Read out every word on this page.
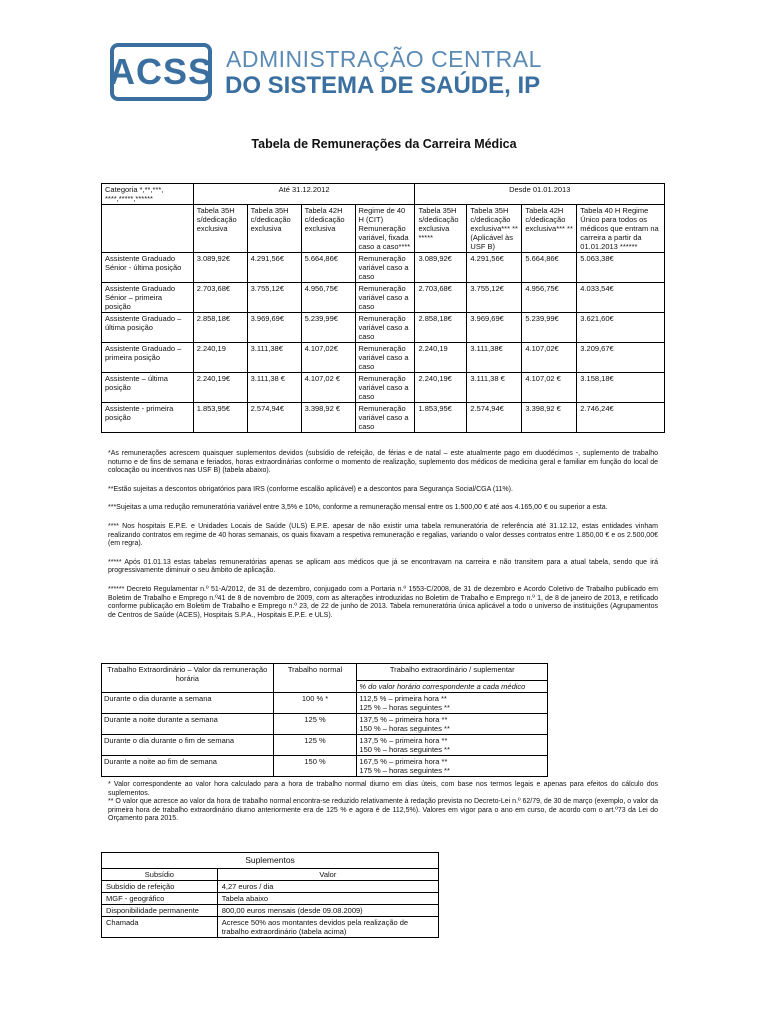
ACSS ADMINISTRAÇÃO CENTRAL
DO SISTEMA DE SAÚDE, IP
Tabela de Remunerações da Carreira Médica
Categoria *,**,***, ****,*****,******	Até 31.12.2012				Desde 01.01.2013			
	Tabela 35H s/dedicação exclusiva	Tabela 35H c/dedicação exclusiva	Tabela 42H c/dedicação exclusiva	Regime de 40 H (CIT) Remuneração variável, fixada caso a caso****	Tabela 35H s/dedicação exclusiva *****	Tabela 35H c/dedicação exclusiva*** ** (Aplicável às USF B)	Tabela 42H c/dedicação exclusiva*** **	Tabela 40 H Regime Único para todos os médicos que entram na carreira a partir da 01.01.2013 ******
Assistente Graduado Sénior - última posição	3.089,92€	4.291,56€	5.664,86€	Remuneração variável caso a caso	3.089,92€	4.291,56€	5.664,86€	5.063,38€
Assistente Graduado Sénior – primeira posição	2.703,68€	3.755,12€	4.956,75€	Remuneração variável caso a caso	2.703,68€	3.755,12€	4.956,75€	4.033,54€
Assistente Graduado – última posição	2.858,18€	3.969,69€	5.239,99€	Remuneração variável caso a caso	2.858,18€	3.969,69€	5.239,99€	3.621,60€
Assistente Graduado – primeira posição	2.240,19	3.111,38€	4.107,02€	Remuneração variável caso a caso	2.240,19	3.111,38€	4.107,02€	3.209,67€
Assistente – última posição	2.240,19€	3.111,38 €	4.107,02 €	Remuneração variável caso a caso	2.240,19€	3.111,38 €	4.107,02 €	3.158,18€
Assistente - primeira posição	1.853,95€	2.574,94€	3.398,92 €	Remuneração variável caso a caso	1.853,95€	2.574,94€	3.398,92 €	2.746,24€

*As remunerações acrescem quaisquer suplementos devidos (subsídio de refeição, de férias e de natal – este atualmente pago em duodécimos -, suplemento de trabalho noturno e de fins de semana e feriados, horas extraordinárias conforme o momento de realização, suplemento dos médicos de medicina geral e familiar em função do local de colocação ou incentivos nas USF B) (tabela abaixo).

**Estão sujeitas a descontos obrigatórios para IRS (conforme escalão aplicável) e a descontos para Segurança Social/CGA (11%).

***Sujeitas a uma redução remuneratória variável entre 3,5% e 10%, conforme a remuneração mensal entre os 1.500,00 € até aos 4.165,00 € ou superior a esta.

**** Nos hospitais E.P.E. e Unidades Locais de Saúde (ULS) E.P.E. apesar de não existir uma tabela remuneratória de referência até 31.12.12, estas entidades vinham realizando contratos em regime de 40 horas semanais, os quais fixavam a respetiva remuneração e regalias, variando o valor desses contratos entre 1.850,00 € e os 2.500,00€ (em regra).

***** Após 01.01.13 estas tabelas remuneratórias apenas se aplicam aos médicos que já se encontravam na carreira e não transitem para a atual tabela, sendo que irá progressivamente diminuir o seu âmbito de aplicação.

****** Decreto Regulamentar n.º 51-A/2012, de 31 de dezembro, conjugado com a Portaria n.º 1553-C/2008, de 31 de dezembro e Acordo Coletivo de Trabalho publicado em Boletim de Trabalho e Emprego n.º41 de 8 de novembro de 2009, com as alterações introduzidas no Boletim de Trabalho e Emprego n.º 1, de 8 de janeiro de 2013, e retificado conforme publicação em Boletim de Trabalho e Emprego n.º 23, de 22 de junho de 2013. Tabela remuneratória única aplicável a todo o universo de instituições (Agrupamentos de Centros de Saúde (ACES), Hospitais S.P.A., Hospitais E.P.E. e ULS).

Trabalho Extraordinário – Valor da remuneração horária	Trabalho normal	Trabalho extraordinário / suplementar
		% do valor horário correspondente a cada médico
Durante o dia durante a semana	100 % *	112,5 % – primeira hora **
125 % – horas seguintes **

Durante a noite durante a semana	125 %	137,5 % – primeira hora **
150 % – horas seguintes **

Durante o dia durante o fim de semana	125 %	137,5 % – primeira hora **
150 % – horas seguintes **

Durante a noite ao fim de semana	150 %	167,5 % – primeira hora **
175 % – horas seguintes **

* Valor correspondente ao valor hora calculado para a hora de trabalho normal diurno em dias úteis, com base nos termos legais e apenas para efeitos do cálculo dos suplementos.

** O valor que acresce ao valor da hora de trabalho normal encontra-se reduzido relativamente à redação prevista no Decreto-Lei n.º 62/79, de 30 de março (exemplo, o valor da primeira hora de trabalho extraordinário diurno anteriormente era de 125 % e agora é de 112,5%). Valores em vigor para o ano em curso, de acordo com o art.º73 da Lei do Orçamento para 2015.

Suplementos	
Subsídio	Valor
Subsídio de refeição	4,27 euros / dia
MGF - geográfico	Tabela abaixo
Disponibilidade permanente	800,00 euros mensais (desde 09.08.2009)
Chamada	Acresce 50% aos montantes devidos pela realização de trabalho extraordinário (tabela acima)
